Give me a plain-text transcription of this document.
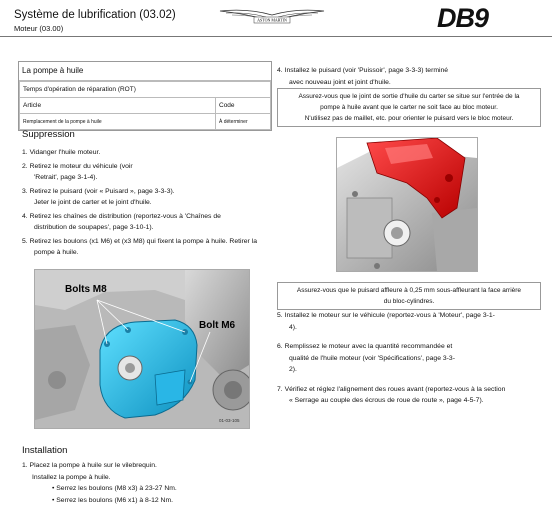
Système de lubrification (03.02)
Moteur (03.00)
ASTON MARTIN	DB9
La pompe à huile
Temps d'opération de réparation (ROT)	
Article	Code
Remplacement de la pompe à huile	À déterminer
Suppression
1. Vidanger l'huile moteur.
2. Retirez le moteur du véhicule (voir
'Retrait', page 3-1-4).
3. Retirez le puisard (voir « Puisard », page 3-3-3).
Jeter le joint de carter et le joint d'huile.
4. Retirez les chaînes de distribution (reportez-vous à 'Chaînes de
distribution de soupapes', page 3-10-1).
5. Retirez les boulons (x1 M6) et (x3 M8) qui fixent la pompe à huile. Retirer la
pompe à huile.
Bolts M8
Bolt M6
01-03-105
Installation
1. Placez la pompe à huile sur le vilebrequin.
Installez la pompe à huile.
• Serrez les boulons (M8 x3) à 23-27 Nm.
• Serrez les boulons (M6 x1) à 8-12 Nm.
4. Installez le puisard (voir 'Puissoir', page 3-3-3) terminé
avec nouveau joint et joint d'huile.
Assurez-vous que le joint de sortie d'huile du carter se situe sur l'entrée de la
pompe à huile avant que le carter ne soit face au bloc moteur.
N'utilisez pas de maillet, etc. pour orienter le puisard vers le bloc moteur.
Assurez-vous que le puisard affleure à 0,25 mm sous-affleurant la face arrière
du bloc-cylindres.
5. Installez le moteur sur le véhicule (reportez-vous à 'Moteur', page 3-1-
4).
6. Remplissez le moteur avec la quantité recommandée et
qualité de l'huile moteur (voir 'Spécifications', page 3-3-
2).
7. Vérifiez et réglez l'alignement des roues avant (reportez-vous à la section
« Serrage au couple des écrous de roue de route », page 4-5-7).
